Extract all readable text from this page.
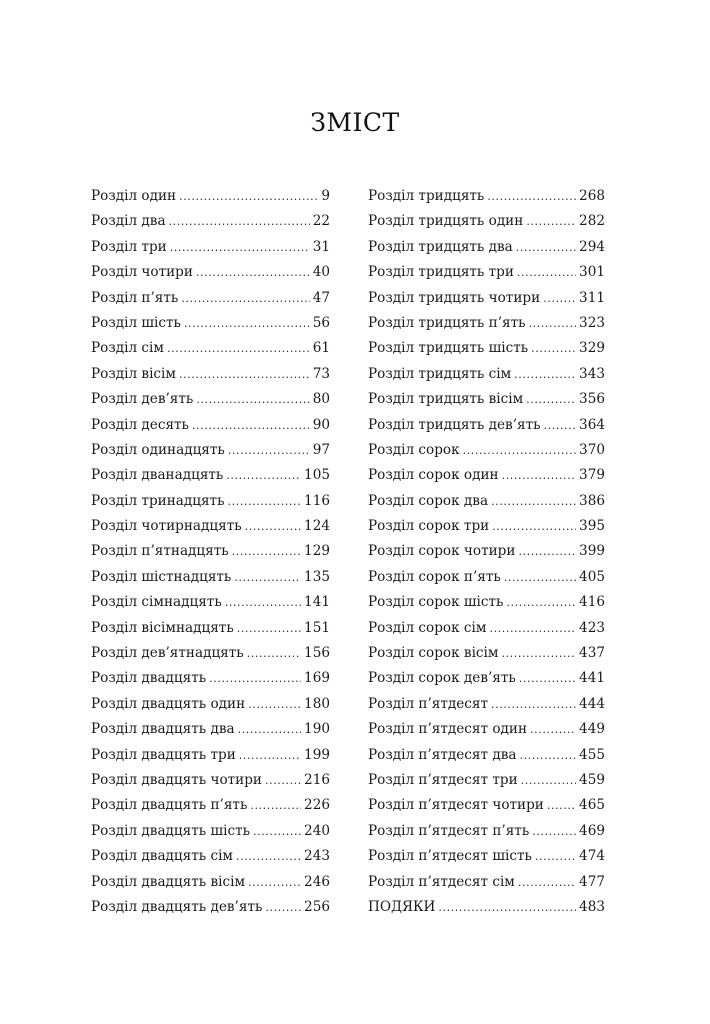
ЗМІСТ
Розділ один .....	9
Розділ два .....	22
Розділ три .....	31
Розділ чотири .....	40
Розділ п’ять .....	47
Розділ шість .....	56
Розділ сім .....	61
Розділ вісім .....	73
Розділ дев’ять .....	80
Розділ десять .....	90
Розділ одинадцять .....	97
Розділ дванадцять .....	105
Розділ тринадцять .....	116
Розділ чотирнадцять .....	124
Розділ п’ятнадцять .....	129
Розділ шістнадцять .....	135
Розділ сімнадцять .....	141
Розділ вісімнадцять .....	151
Розділ дев’ятнадцять .....	156
Розділ двадцять .....	169
Розділ двадцять один .....	180
Розділ двадцять два .....	190
Розділ двадцять три .....	199
Розділ двадцять чотири .....	216
Розділ двадцять п’ять .....	226
Розділ двадцять шість .....	240
Розділ двадцять сім .....	243
Розділ двадцять вісім .....	246
Розділ двадцять дев’ять .....	256
Розділ тридцять .....	268
Розділ тридцять один .....	282
Розділ тридцять два .....	294
Розділ тридцять три .....	301
Розділ тридцять чотири .....	311
Розділ тридцять п’ять .....	323
Розділ тридцять шість .....	329
Розділ тридцять сім .....	343
Розділ тридцять вісім .....	356
Розділ тридцять дев’ять .....	364
Розділ сорок .....	370
Розділ сорок один .....	379
Розділ сорок два .....	386
Розділ сорок три .....	395
Розділ сорок чотири .....	399
Розділ сорок п’ять .....	405
Розділ сорок шість .....	416
Розділ сорок сім .....	423
Розділ сорок вісім .....	437
Розділ сорок дев’ять .....	441
Розділ п’ятдесят .....	444
Розділ п’ятдесят один .....	449
Розділ п’ятдесят два .....	455
Розділ п’ятдесят три .....	459
Розділ п’ятдесят чотири .....	465
Розділ п’ятдесят п’ять .....	469
Розділ п’ятдесят шість .....	474
Розділ п’ятдесят сім .....	477
ПОДЯКИ .....	483
